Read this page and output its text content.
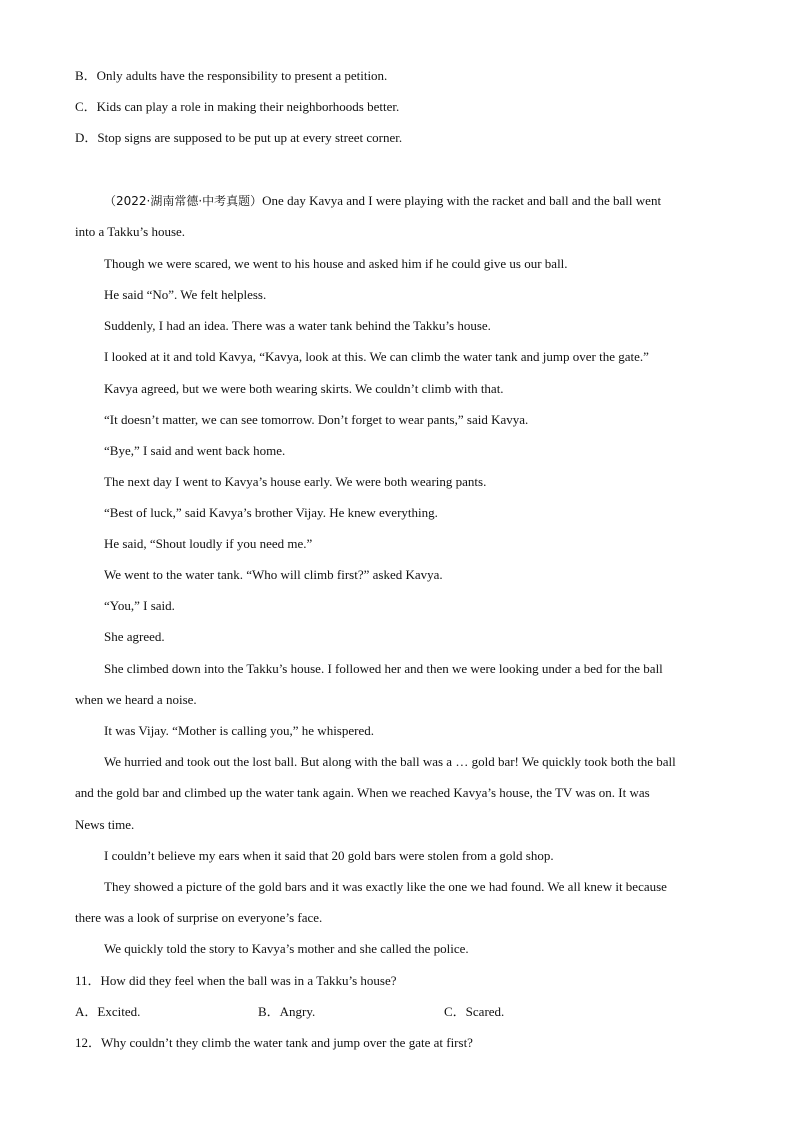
B．Only adults have the responsibility to present a petition.
C．Kids can play a role in making their neighborhoods better.
D．Stop signs are supposed to be put up at every street corner.
（2022·湖南常德·中考真题）One day Kavya and I were playing with the racket and ball and the ball went
into a Takku’s house.
Though we were scared, we went to his house and asked him if he could give us our ball.
He said “No”. We felt helpless.
Suddenly, I had an idea. There was a water tank behind the Takku’s house.
I looked at it and told Kavya, “Kavya, look at this. We can climb the water tank and jump over the gate.”
Kavya agreed, but we were both wearing skirts. We couldn’t climb with that.
“It doesn’t matter, we can see tomorrow. Don’t forget to wear pants,” said Kavya.
“Bye,” I said and went back home.
The next day I went to Kavya’s house early. We were both wearing pants.
“Best of luck,” said Kavya’s brother Vijay. He knew everything.
He said, “Shout loudly if you need me.”
We went to the water tank. “Who will climb first?” asked Kavya.
“You,” I said.
She agreed.
She climbed down into the Takku’s house. I followed her and then we were looking under a bed for the ball
when we heard a noise.
It was Vijay. “Mother is calling you,” he whispered.
We hurried and took out the lost ball. But along with the ball was a … gold bar! We quickly took both the ball
and the gold bar and climbed up the water tank again. When we reached Kavya’s house, the TV was on. It was
News time.
I couldn’t believe my ears when it said that 20 gold bars were stolen from a gold shop.
They showed a picture of the gold bars and it was exactly like the one we had found. We all knew it because
there was a look of surprise on everyone’s face.
We quickly told the story to Kavya’s mother and she called the police.
11．How did they feel when the ball was in a Takku’s house?
A．Excited.	B．Angry.	C．Scared.
12．Why couldn’t they climb the water tank and jump over the gate at first?
